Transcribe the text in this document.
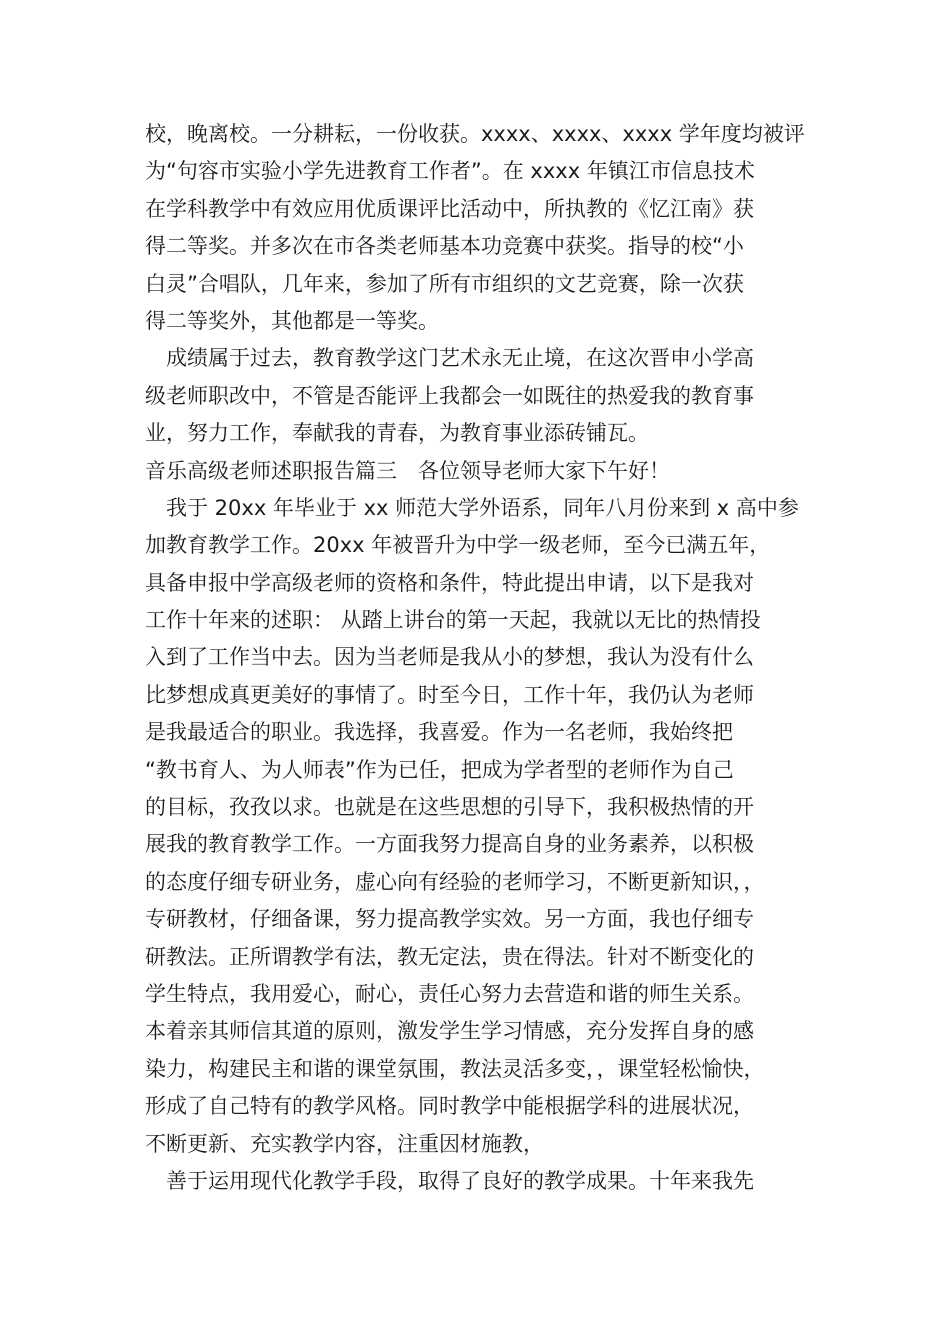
校，晚离校。一分耕耘，一份收获。xxxx、xxxx、xxxx 学年度均被评
为“句容市实验小学先进教育工作者”。在 xxxx 年镇江市信息技术
在学科教学中有效应用优质课评比活动中，所执教的《忆江南》获
得二等奖。并多次在市各类老师基本功竞赛中获奖。指导的校“小
白灵”合唱队，几年来，参加了所有市组织的文艺竞赛，除一次获
得二等奖外，其他都是一等奖。
　成绩属于过去，教育教学这门艺术永无止境，在这次晋申小学高
级老师职改中，不管是否能评上我都会一如既往的热爱我的教育事
业，努力工作，奉献我的青春，为教育事业添砖铺瓦。
音乐高级老师述职报告篇三　各位领导老师大家下午好！
　我于 20xx 年毕业于 xx 师范大学外语系，同年八月份来到 x 高中参
加教育教学工作。20xx 年被晋升为中学一级老师，至今已满五年，
具备申报中学高级老师的资格和条件，特此提出申请，以下是我对
工作十年来的述职： 从踏上讲台的第一天起，我就以无比的热情投
入到了工作当中去。因为当老师是我从小的梦想，我认为没有什么
比梦想成真更美好的事情了。时至今日，工作十年，我仍认为老师
是我最适合的职业。我选择，我喜爱。作为一名老师，我始终把
“教书育人、为人师表”作为已任，把成为学者型的老师作为自己
的目标，孜孜以求。也就是在这些思想的引导下，我积极热情的开
展我的教育教学工作。一方面我努力提高自身的业务素养，以积极
的态度仔细专研业务，虚心向有经验的老师学习，不断更新知识，，
专研教材，仔细备课，努力提高教学实效。另一方面，我也仔细专
研教法。正所谓教学有法，教无定法，贵在得法。针对不断变化的
学生特点，我用爱心，耐心，责任心努力去营造和谐的师生关系。
本着亲其师信其道的原则，激发学生学习情感，充分发挥自身的感
染力，构建民主和谐的课堂氛围，教法灵活多变，，课堂轻松愉快，
形成了自己特有的教学风格。同时教学中能根据学科的进展状况，
不断更新、充实教学内容，注重因材施教，
　善于运用现代化教学手段，取得了良好的教学成果。十年来我先
